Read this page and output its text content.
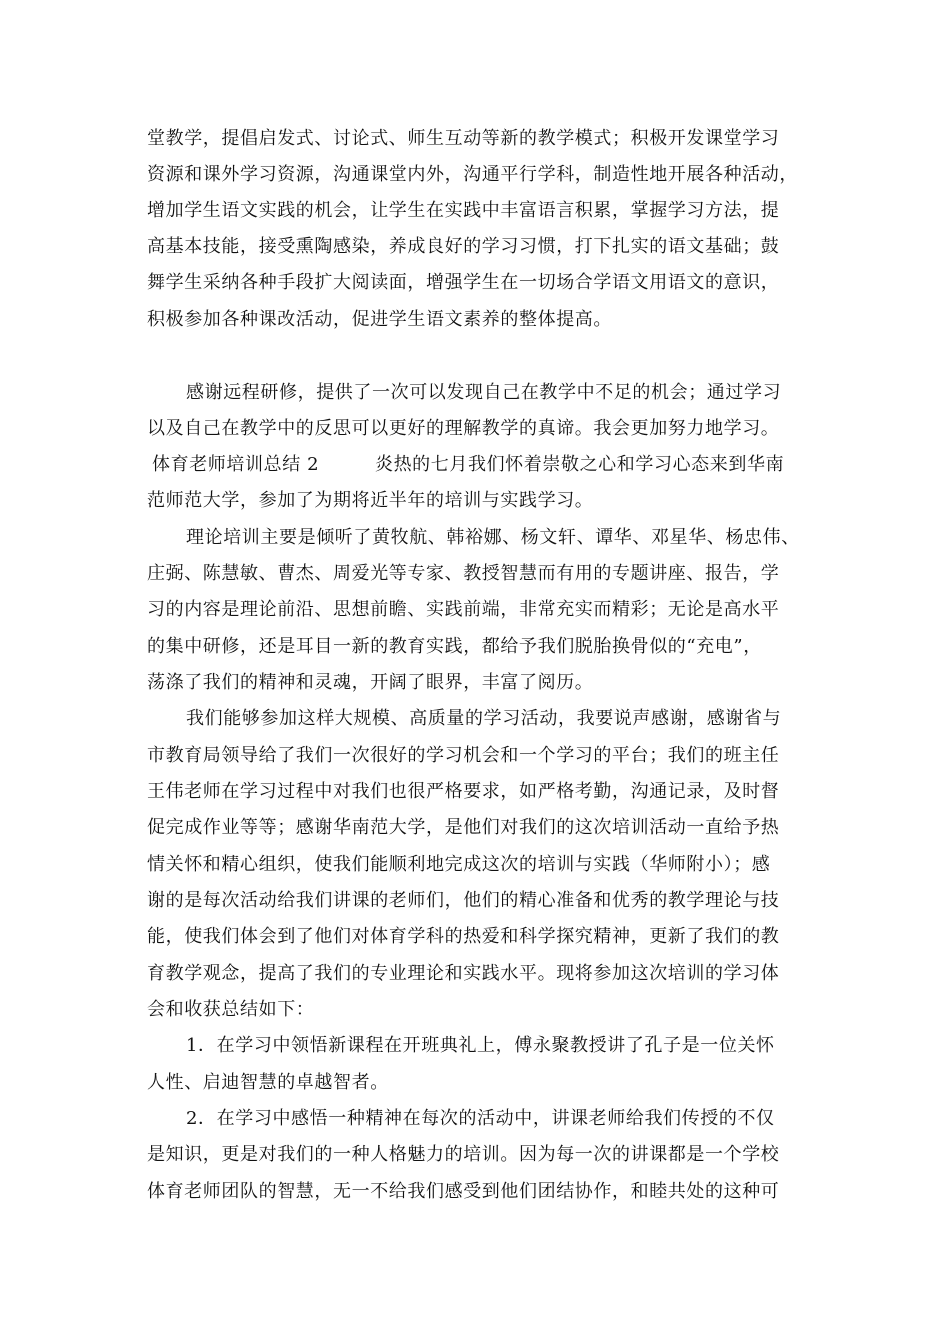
堂教学，提倡启发式、讨论式、师生互动等新的教学模式；积极开发课堂学习
资源和课外学习资源，沟通课堂内外，沟通平行学科，制造性地开展各种活动，
增加学生语文实践的机会，让学生在实践中丰富语言积累，掌握学习方法，提
高基本技能，接受熏陶感染，养成良好的学习习惯，打下扎实的语文基础；鼓
舞学生采纳各种手段扩大阅读面，增强学生在一切场合学语文用语文的意识，
积极参加各种课改活动，促进学生语文素养的整体提高。
感谢远程研修，提供了一次可以发现自己在教学中不足的机会；通过学习
以及自己在教学中的反思可以更好的理解教学的真谛。我会更加努力地学习。
体育老师培训总结 2　　　炎热的七月我们怀着崇敬之心和学习心态来到华南
范师范大学，参加了为期将近半年的培训与实践学习。
理论培训主要是倾听了黄牧航、韩裕娜、杨文轩、谭华、邓星华、杨忠伟、
庄弼、陈慧敏、曹杰、周爱光等专家、教授智慧而有用的专题讲座、报告，学
习的内容是理论前沿、思想前瞻、实践前端，非常充实而精彩；无论是高水平
的集中研修，还是耳目一新的教育实践，都给予我们脱胎换骨似的“充电”，
荡涤了我们的精神和灵魂，开阔了眼界，丰富了阅历。
我们能够参加这样大规模、高质量的学习活动，我要说声感谢，感谢省与
市教育局领导给了我们一次很好的学习机会和一个学习的平台；我们的班主任
王伟老师在学习过程中对我们也很严格要求，如严格考勤，沟通记录，及时督
促完成作业等等；感谢华南范大学，是他们对我们的这次培训活动一直给予热
情关怀和精心组织，使我们能顺利地完成这次的培训与实践（华师附小）；感
谢的是每次活动给我们讲课的老师们，他们的精心准备和优秀的教学理论与技
能，使我们体会到了他们对体育学科的热爱和科学探究精神，更新了我们的教
育教学观念，提高了我们的专业理论和实践水平。现将参加这次培训的学习体
会和收获总结如下：
1．在学习中领悟新课程在开班典礼上，傅永聚教授讲了孔子是一位关怀
人性、启迪智慧的卓越智者。
2．在学习中感悟一种精神在每次的活动中，讲课老师给我们传授的不仅
是知识，更是对我们的一种人格魅力的培训。因为每一次的讲课都是一个学校
体育老师团队的智慧，无一不给我们感受到他们团结协作，和睦共处的这种可
